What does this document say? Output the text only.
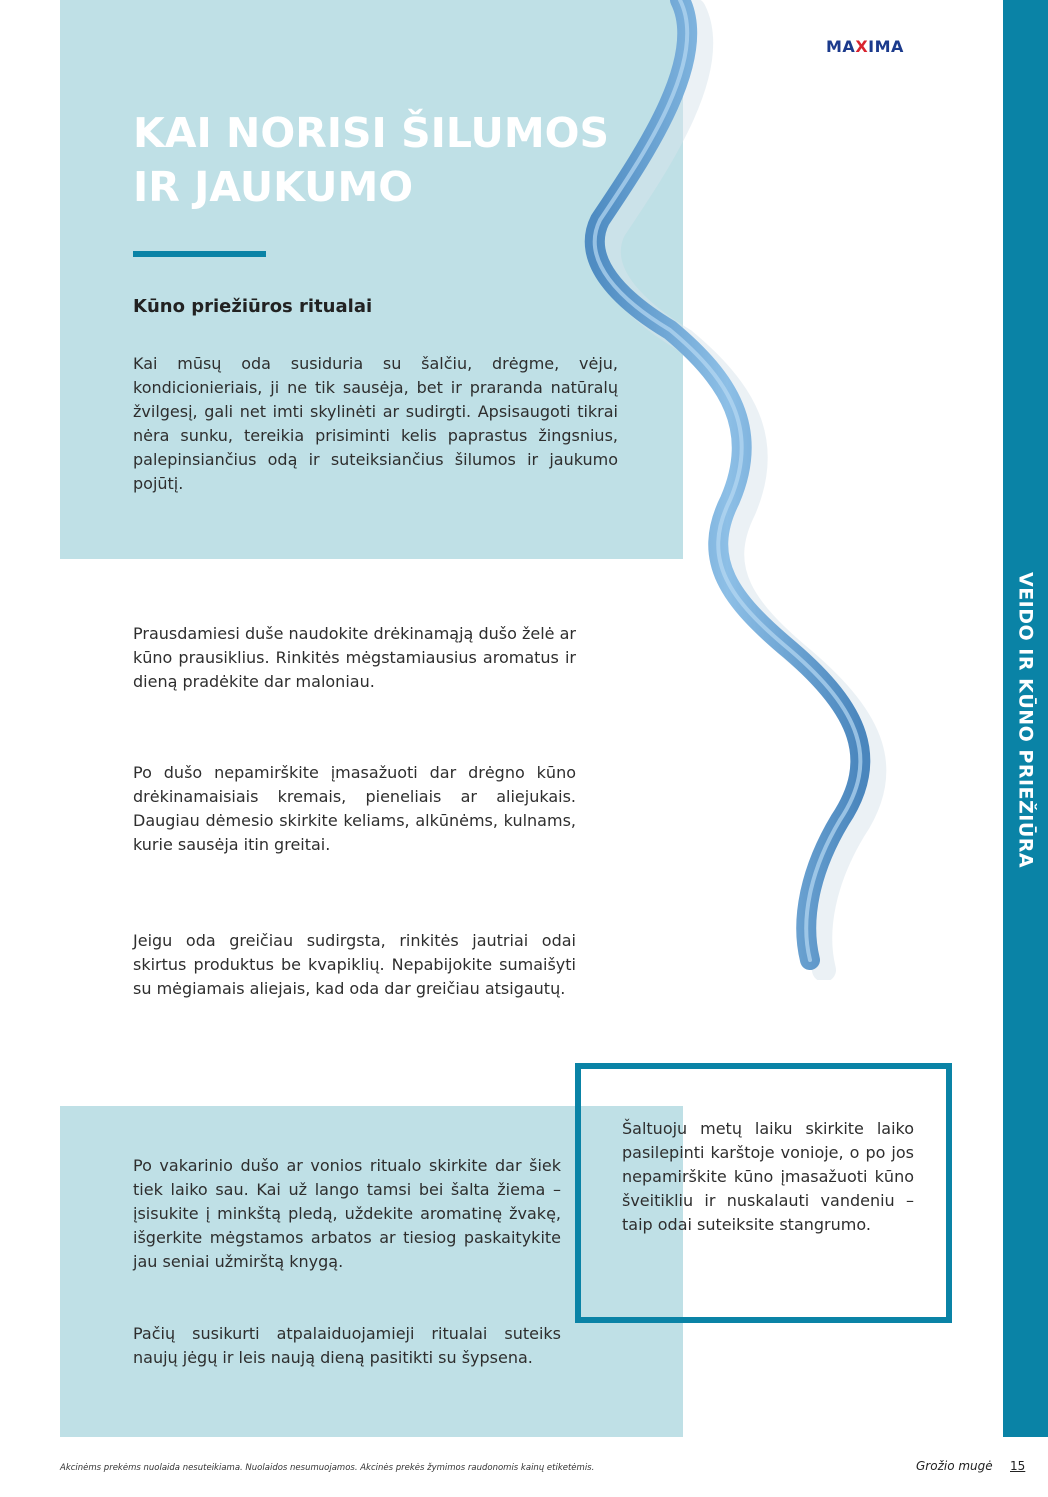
VEIDO IR KŪNO PRIEŽIŪRA
MAXIMA
KAI NORISI ŠILUMOS
IR JAUKUMO
Kūno priežiūros ritualai
Kai mūsų oda susiduria su šalčiu, drėgme, vėju, kondicionieriais, ji ne tik sausėja, bet ir praranda natūralų žvilgesį, gali net imti skylinėti ar sudirgti. Apsisaugoti tikrai nėra sunku, tereikia prisiminti kelis paprastus žingsnius, palepinsiančius odą ir suteiksiančius šilumos ir jaukumo pojūtį.
Prausdamiesi duše naudokite drėkinamąją dušo želė ar kūno prausiklius. Rinkitės mėgstamiausius aromatus ir dieną pradėkite dar maloniau.
Po dušo nepamirškite įmasažuoti dar drėgno kūno drėkinamaisiais kremais, pieneliais ar aliejukais. Daugiau dėmesio skirkite keliams, alkūnėms, kulnams, kurie sausėja itin greitai.
Jeigu oda greičiau sudirgsta, rinkitės jautriai odai skirtus produktus be kvapiklių. Nepabijokite sumaišyti su mėgiamais aliejais, kad oda dar greičiau atsigautų.
Po vakarinio dušo ar vonios ritualo skirkite dar šiek tiek laiko sau. Kai už lango tamsi bei šalta žiema – įsisukite į minkštą pledą, uždekite aromatinę žvakę, išgerkite mėgstamos arbatos ar tiesiog paskaitykite jau seniai užmirštą knygą.
Pačių susikurti atpalaiduojamieji ritualai suteiks naujų jėgų ir leis naują dieną pasitikti su šypsena.
Šaltuoju metų laiku skirkite laiko pasilepinti karštoje vonioje, o po jos nepamirškite kūno įmasažuoti kūno šveitikliu ir nuskalauti vandeniu – taip odai suteiksite stangrumo.
Akcinėms prekėms nuolaida nesuteikiama. Nuolaidos nesumuojamos. Akcinės prekės žymimos raudonomis kainų etiketėmis.	Grožio mugė 15
